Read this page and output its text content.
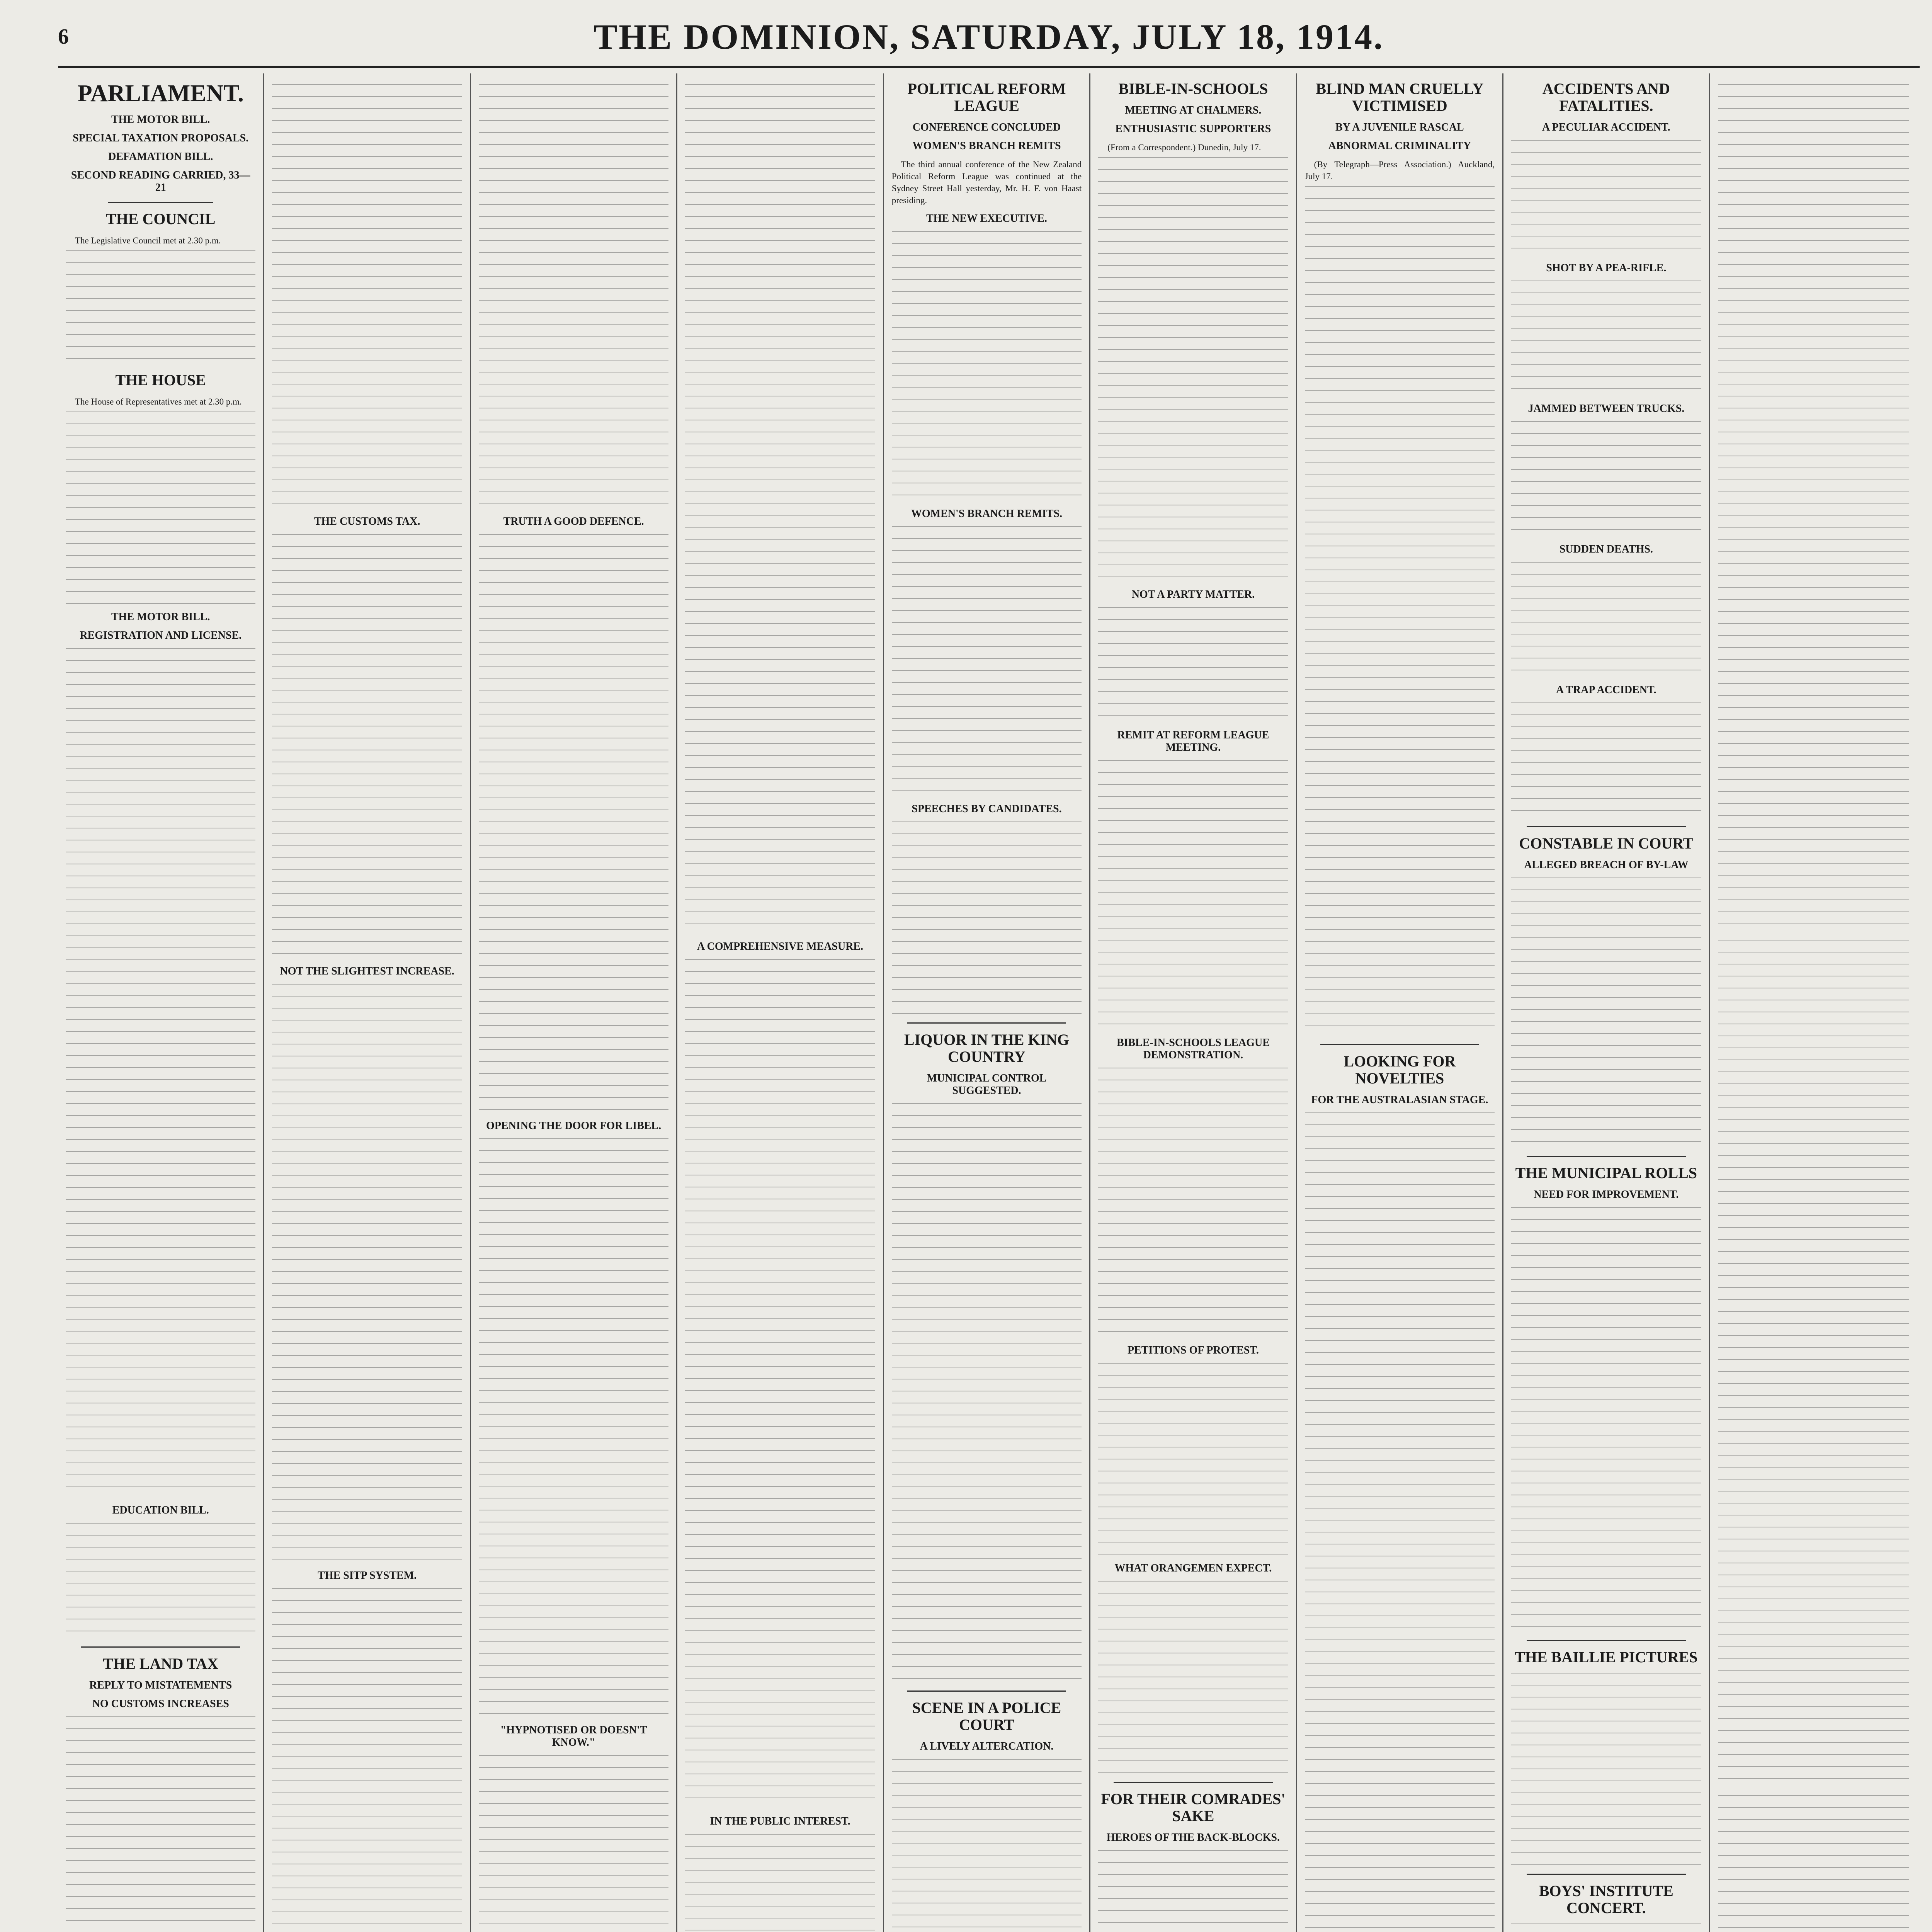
6	THE DOMINION, SATURDAY, JULY 18, 1914.
PARLIAMENT.
THE MOTOR BILL.
SPECIAL TAXATION PROPOSALS.
DEFAMATION BILL.
SECOND READING CARRIED, 33—21
THE COUNCIL

The Legislative Council met at 2.30 p.m.

THE HOUSE

The House of Representatives met at 2.30 p.m.

THE MOTOR BILL.
REGISTRATION AND LICENSE.
EDUCATION BILL.
THE LAND TAX
REPLY TO MISTATEMENTS
NO CUSTOMS INCREASES
THE CUSTOMS TAX.
NOT THE SLIGHTEST INCREASE.
THE SITP SYSTEM.
TRUTH A GOOD DEFENCE.
OPENING THE DOOR FOR LIBEL.
"HYPNOTISED OR DOESN'T KNOW."
A COMPREHENSIVE MEASURE.
IN THE PUBLIC INTEREST.
POLITICAL REFORM LEAGUE
CONFERENCE CONCLUDED
WOMEN'S BRANCH REMITS

The third annual conference of the New Zealand Political Reform League was continued at the Sydney Street Hall yesterday, Mr. H. F. von Haast presiding.

THE NEW EXECUTIVE.
WOMEN'S BRANCH REMITS.
SPEECHES BY CANDIDATES.
LIQUOR IN THE KING COUNTRY
MUNICIPAL CONTROL SUGGESTED.
SCENE IN A POLICE COURT
A LIVELY ALTERCATION.
BIBLE-IN-SCHOOLS
MEETING AT CHALMERS.
ENTHUSIASTIC SUPPORTERS

(From a Correspondent.) Dunedin, July 17.

NOT A PARTY MATTER.
REMIT AT REFORM LEAGUE MEETING.
BIBLE-IN-SCHOOLS LEAGUE DEMONSTRATION.
PETITIONS OF PROTEST.
WHAT ORANGEMEN EXPECT.
FOR THEIR COMRADES' SAKE
HEROES OF THE BACK-BLOCKS.
BLIND MAN CRUELLY VICTIMISED
BY A JUVENILE RASCAL
ABNORMAL CRIMINALITY

(By Telegraph—Press Association.) Auckland, July 17.

LOOKING FOR NOVELTIES
FOR THE AUSTRALASIAN STAGE.
ACCIDENTS AND FATALITIES.
A PECULIAR ACCIDENT.
SHOT BY A PEA-RIFLE.
JAMMED BETWEEN TRUCKS.
SUDDEN DEATHS.
A TRAP ACCIDENT.
CONSTABLE IN COURT
ALLEGED BREACH OF BY-LAW
THE MUNICIPAL ROLLS
NEED FOR IMPROVEMENT.
THE BAILLIE PICTURES
BOYS' INSTITUTE CONCERT.
